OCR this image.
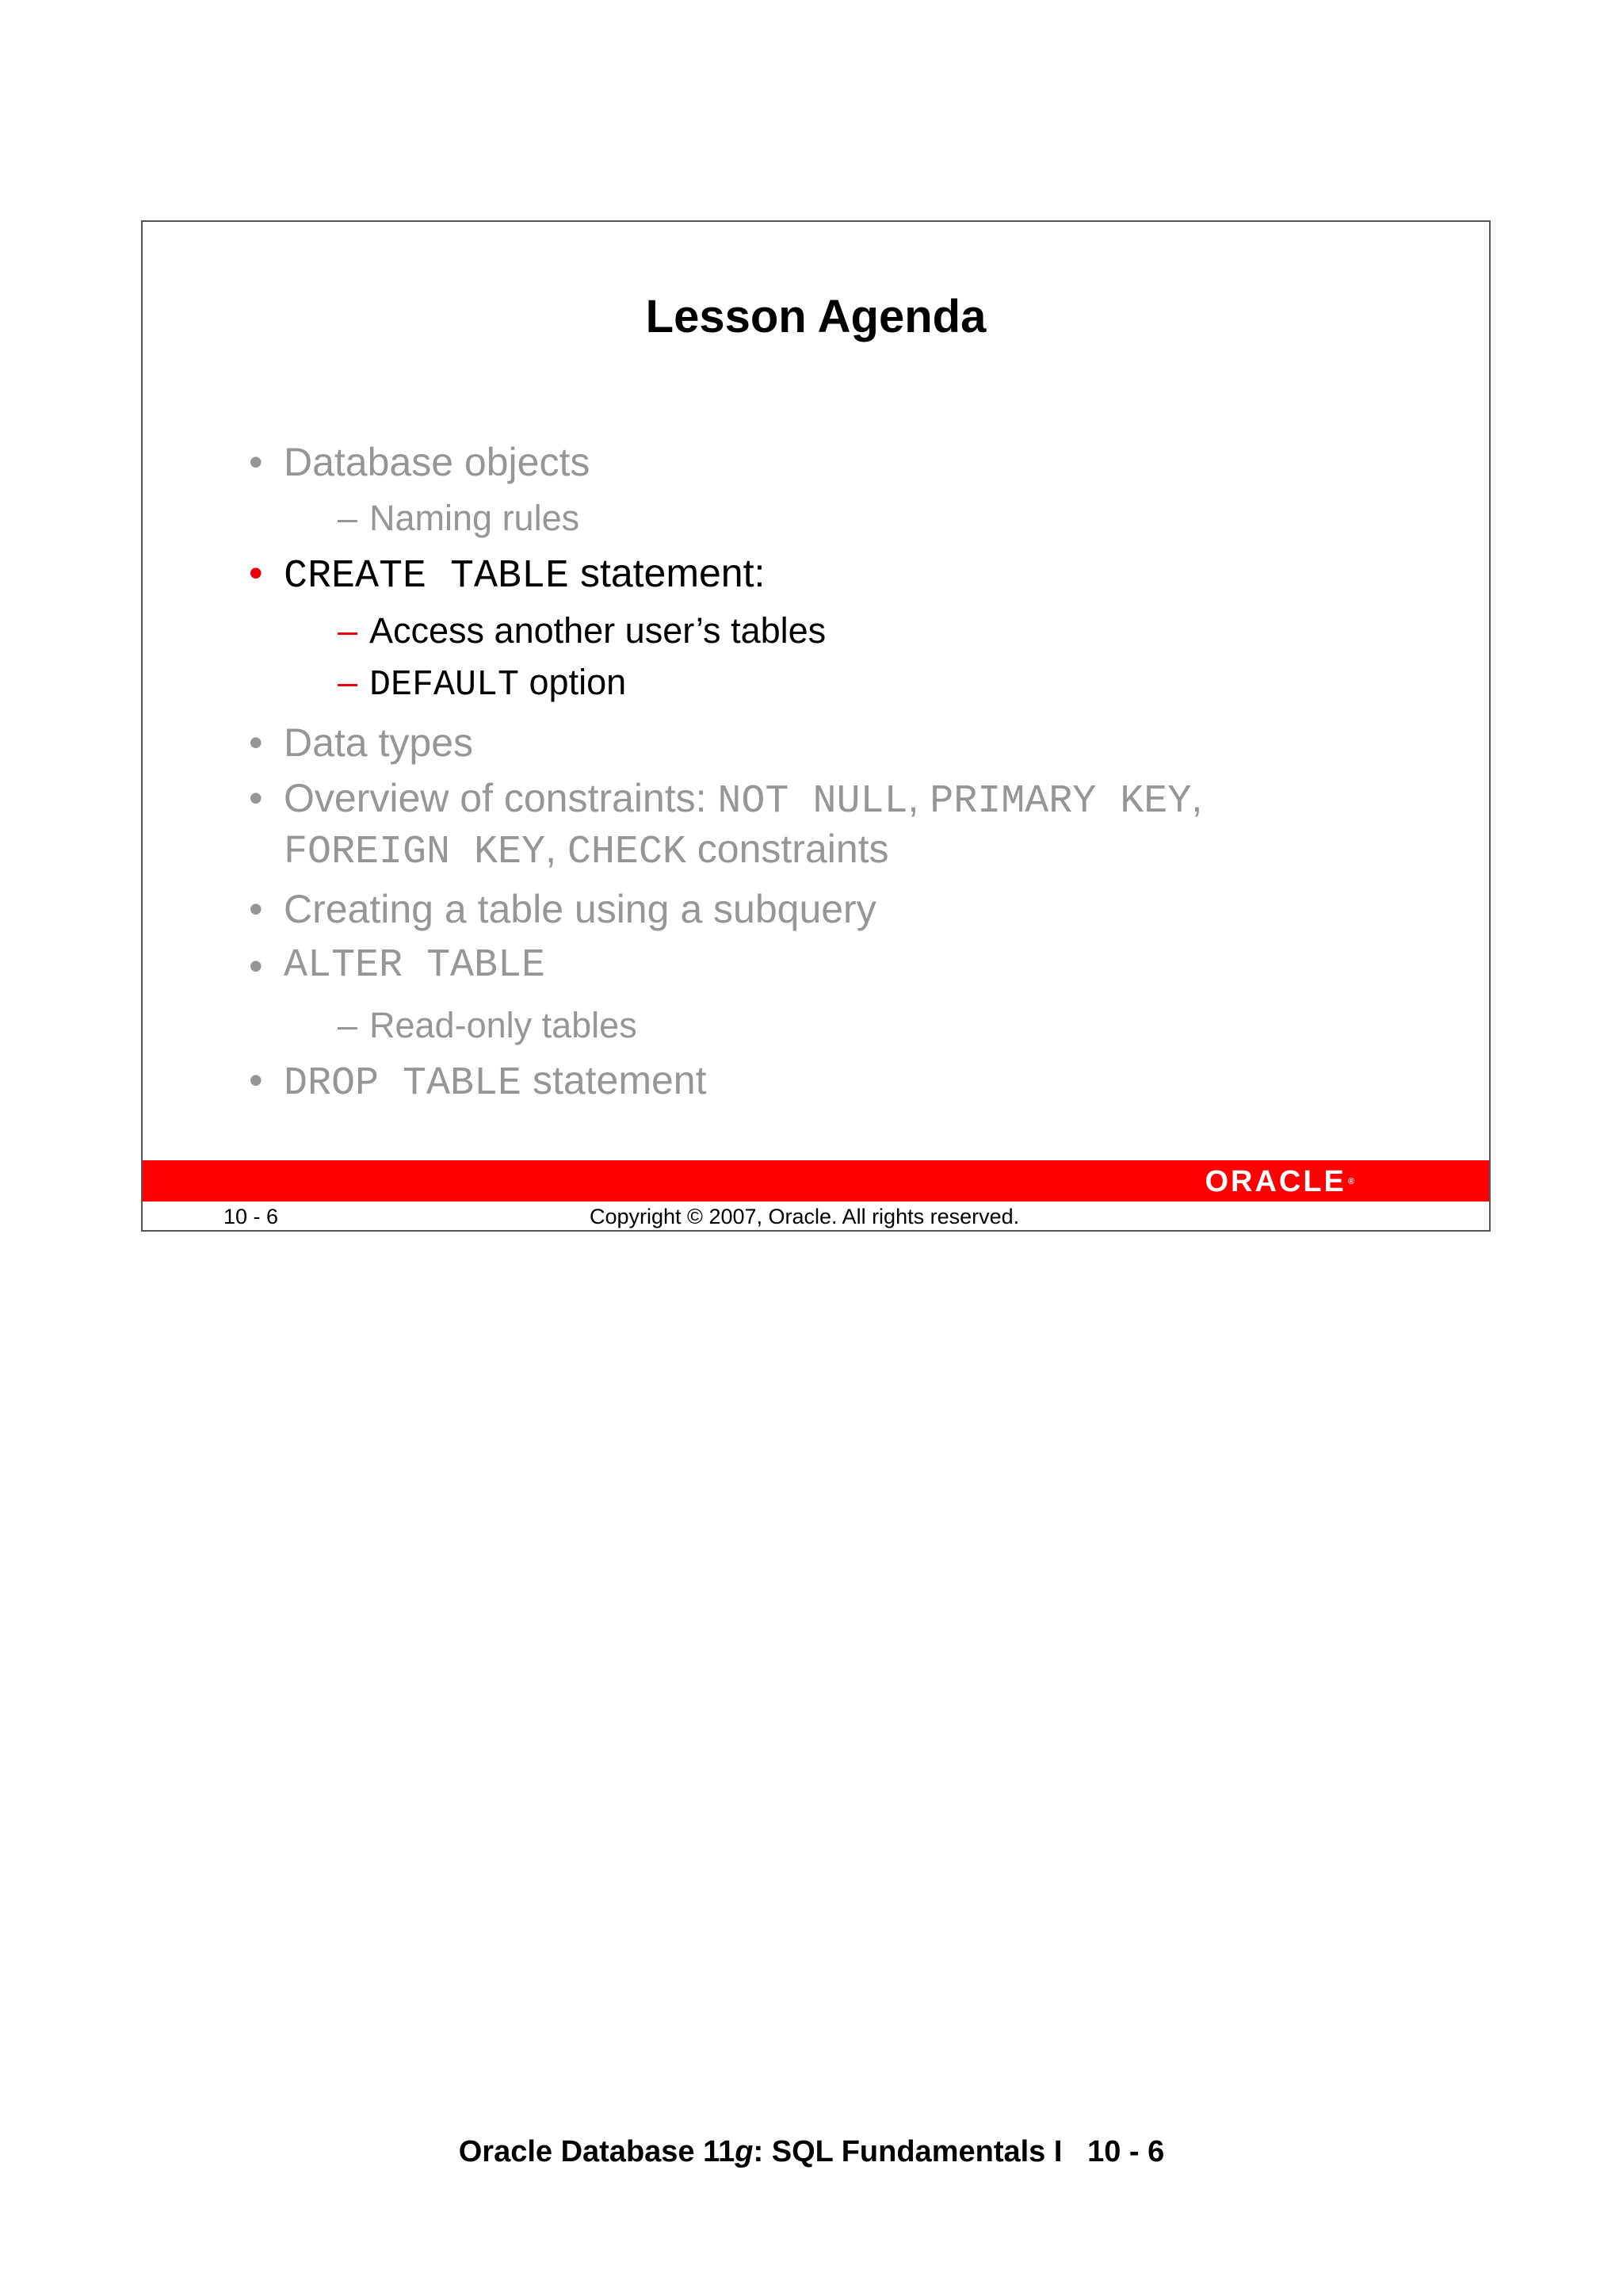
Lesson Agenda
• Database objects
– Naming rules
• CREATE TABLE statement:
– Access another user’s tables
– DEFAULT option
• Data types
• Overview of constraints: NOT NULL, PRIMARY KEY,
FOREIGN KEY, CHECK constraints
• Creating a table using a subquery
• ALTER TABLE
– Read-only tables
• DROP TABLE statement
ORACLE ®
10 - 6	Copyright © 2007, Oracle. All rights reserved.
Oracle Database 11g: SQL Fundamentals I   10 - 6
